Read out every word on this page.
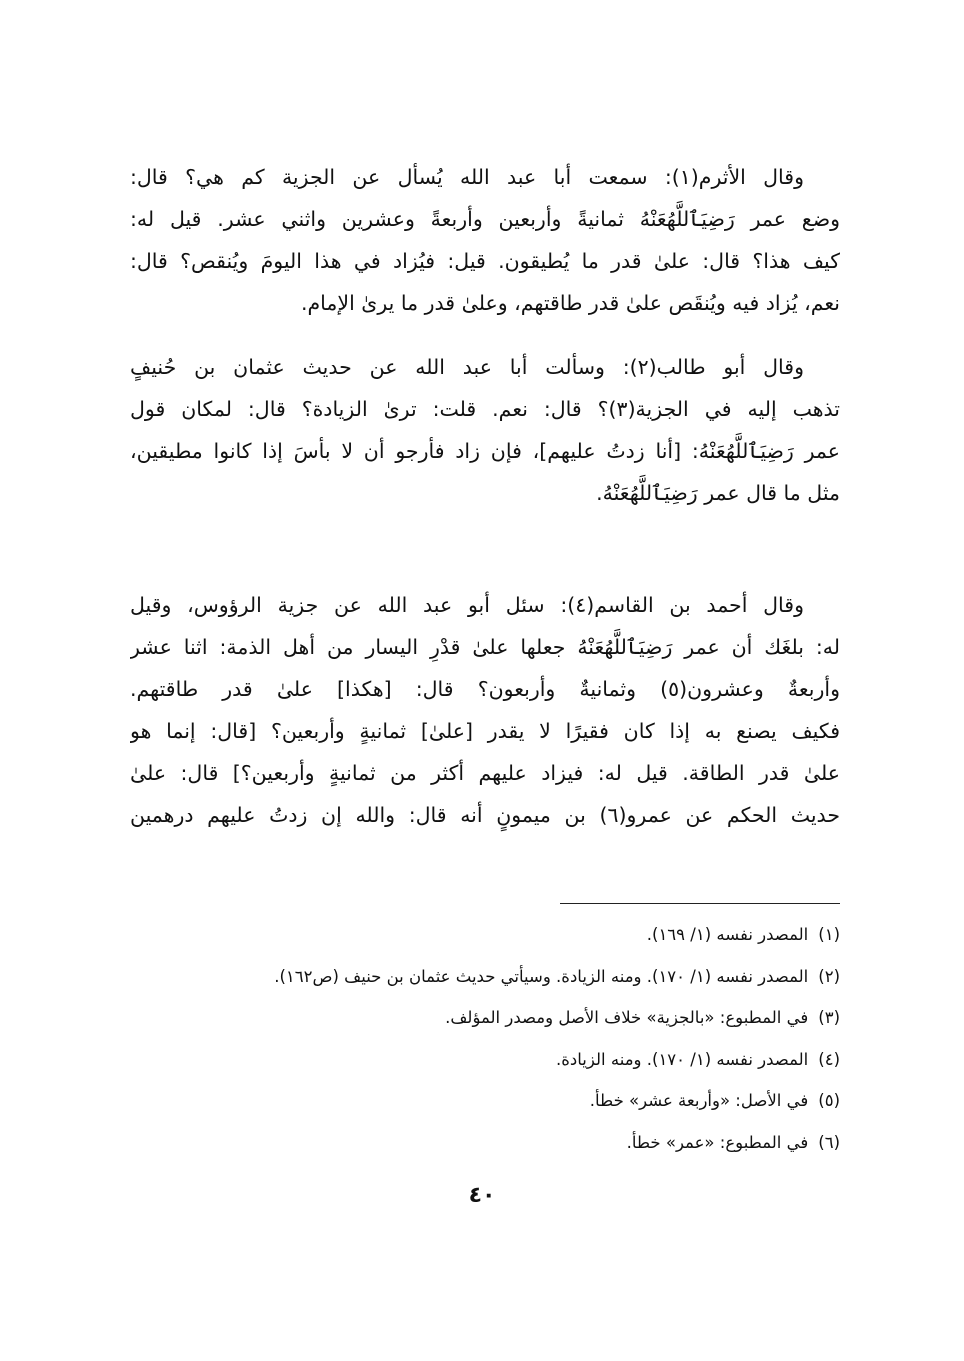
وقال الأثرم(١): سمعت أبا عبد الله يُسأل عن الجزية كم هي؟ قال:
وضع عمر رَضِيَٱللَّهُعَنْهُ ثمانيةً وأربعين وأربعةً وعشرين واثني عشر. قيل له:
كيف هذا؟ قال: علىٰ قدر ما يُطيقون. قيل: فيُزاد في هذا اليومَ ويُنقص؟ قال:
نعم، يُزاد فيه ويُنقَص علىٰ قدر طاقتهم، وعلىٰ قدر ما يرىٰ الإمام.
وقال أبو طالب(٢): وسألت أبا عبد الله عن حديث عثمان بن حُنيفٍ
تذهب إليه في الجزية(٣)؟ قال: نعم. قلت: ترىٰ الزيادة؟ قال: لمكان قول
عمر رَضِيَٱللَّهُعَنْهُ: [أنا زدتُ عليهم]، فإن زاد فأرجو أن لا بأسَ إذا كانوا مطيقين،
مثل ما قال عمر رَضِيَٱللَّهُعَنْهُ.
وقال أحمد بن القاسم(٤): سئل أبو عبد الله عن جزية الرؤوس، وقيل
له: بلغَك أن عمر رَضِيَٱللَّهُعَنْهُ جعلها علىٰ قدْرِ اليسار من أهل الذمة: اثنا عشر
وأربعةٌ وعشرون(٥) وثمانيةٌ وأربعون؟ قال: [هكذا] علىٰ قدر طاقتهم.
فكيف يصنع به إذا كان فقيرًا لا يقدر [علىٰ] ثمانيةٍ وأربعين؟ [قال: إنما هو
علىٰ قدر الطاقة. قيل له: فيزاد عليهم أكثر من ثمانيةٍ وأربعين؟] قال: علىٰ
حديث الحكم عن عمرو(٦) بن ميمونٍ أنه قال: والله إن زدتُ عليهم درهمين
(١)المصدر نفسه (١/ ١٦٩).
(٢)المصدر نفسه (١/ ١٧٠). ومنه الزيادة. وسيأتي حديث عثمان بن حنيف (ص١٦٢).
(٣)في المطبوع: «بالجزية» خلاف الأصل ومصدر المؤلف.
(٤)المصدر نفسه (١/ ١٧٠). ومنه الزيادة.
(٥)في الأصل: «وأربعة عشر» خطأ.
(٦)في المطبوع: «عمر» خطأ.
٤٠
